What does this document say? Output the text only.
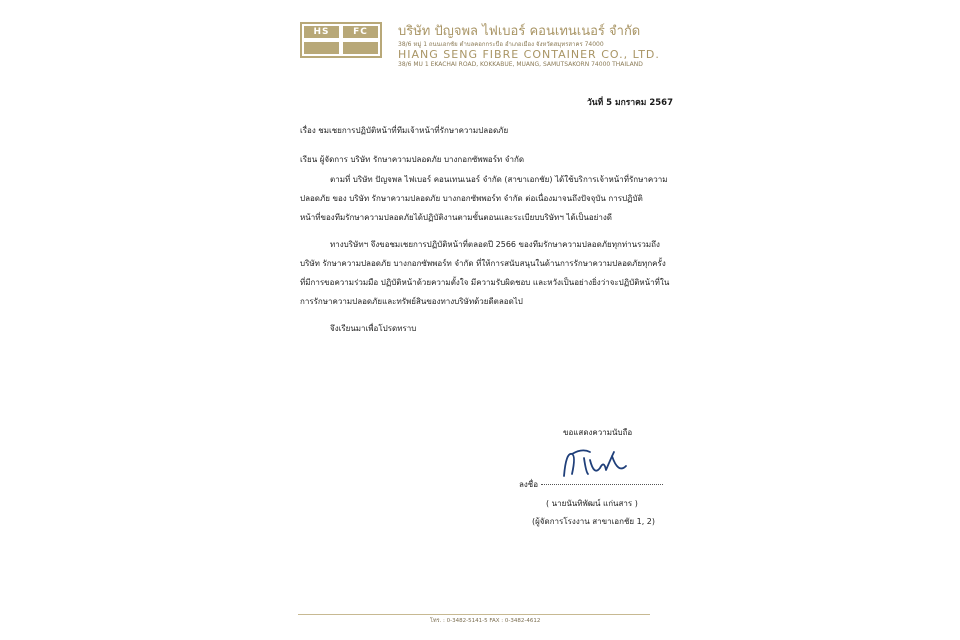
HS	FC	บริษัท ปัญจพล ไฟเบอร์ คอนเทนเนอร์ จำกัด
38/6 หมู่ 1 ถนนเอกชัย ตำบลคอกกระบือ อำเภอเมือง จังหวัดสมุทรสาคร 74000
HIANG SENG FIBRE CONTAINER CO., LTD.
38/6 MU 1 EKACHAI ROAD, KOKKABUE, MUANG, SAMUTSAKORN 74000 THAILAND
วันที่ 5 มกราคม 2567
เรื่อง ชมเชยการปฏิบัติหน้าที่ทีมเจ้าหน้าที่รักษาความปลอดภัย
เรียน ผู้จัดการ บริษัท รักษาความปลอดภัย บางกอกซัพพอร์ท จำกัด
ตามที่ บริษัท ปัญจพล ไฟเบอร์ คอนเทนเนอร์ จำกัด (สาขาเอกชัย) ได้ใช้บริการเจ้าหน้าที่รักษาความ
ปลอดภัย ของ บริษัท รักษาความปลอดภัย บางกอกซัพพอร์ท จำกัด ต่อเนื่องมาจนถึงปัจจุบัน การปฏิบัติ
หน้าที่ของทีมรักษาความปลอดภัยได้ปฏิบัติงานตามขั้นตอนและระเบียบบริษัทฯ ได้เป็นอย่างดี
ทางบริษัทฯ จึงขอชมเชยการปฏิบัติหน้าที่ตลอดปี 2566 ของทีมรักษาความปลอดภัยทุกท่านรวมถึง
บริษัท รักษาความปลอดภัย บางกอกซัพพอร์ท จำกัด ที่ให้การสนับสนุนในด้านการรักษาความปลอดภัยทุกครั้ง
ที่มีการขอความร่วมมือ ปฏิบัติหน้าด้วยความตั้งใจ มีความรับผิดชอบ และหวังเป็นอย่างยิ่งว่าจะปฏิบัติหน้าที่ใน
การรักษาความปลอดภัยและทรัพย์สินของทางบริษัทด้วยดีตลอดไป
จึงเรียนมาเพื่อโปรดทราบ
ขอแสดงความนับถือ
ลงชื่อ
( นายนันทิพัฒน์ แก่นสาร )
(ผู้จัดการโรงงาน สาขาเอกชัย 1, 2)
โทร. : 0-3482-5141-5 FAX : 0-3482-4612
